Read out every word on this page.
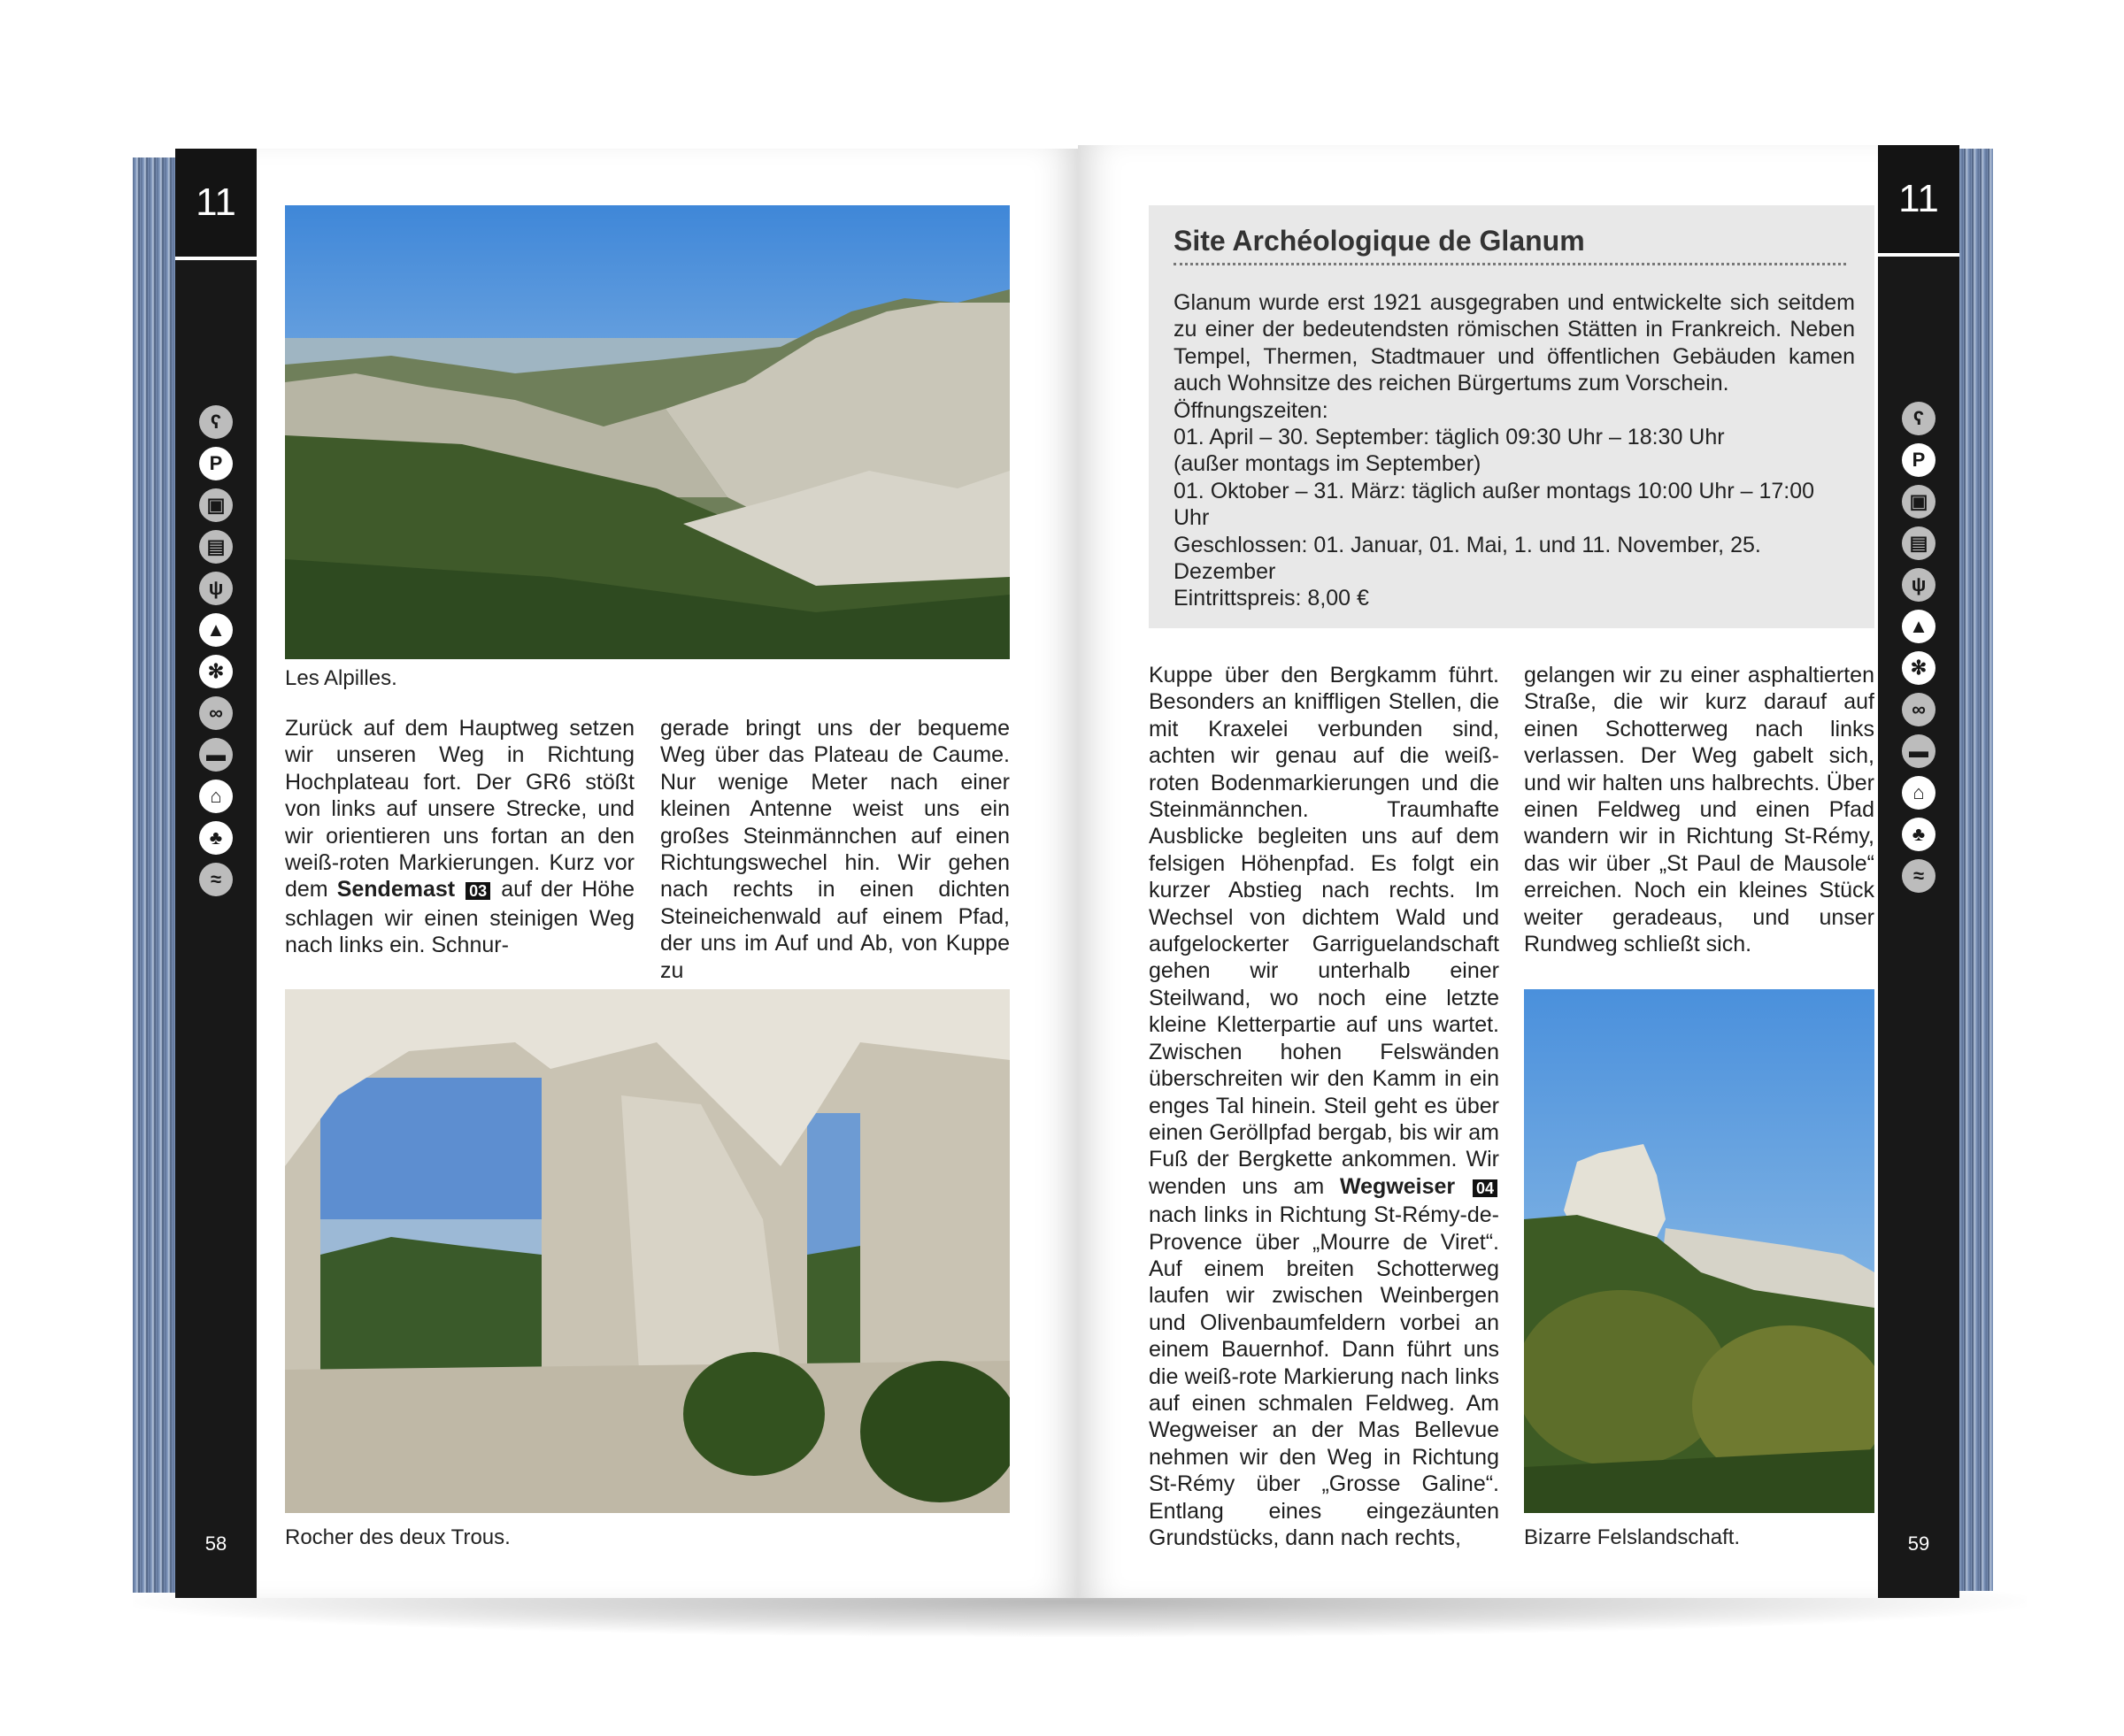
11
ʕ
P
▣
▤
ψ
▲
✻
∞
▬
⌂
♣
≈
58
Les Alpilles.

Zurück auf dem Hauptweg setzen wir unseren Weg in Richtung Hochplateau fort. Der GR6 stößt von links auf unsere Strecke, und wir orientieren uns fortan an den weiß-roten Markierungen. Kurz vor dem Sendemast 03 auf der Höhe schlagen wir einen steinigen Weg nach links ein. Schnur-

gerade bringt uns der bequeme Weg über das Plateau de Caume. Nur wenige Meter nach einer kleinen Antenne weist uns ein großes Steinmännchen auf einen Richtungswechel hin. Wir gehen nach rechts in einen dichten Steineichenwald auf einem Pfad, der uns im Auf und Ab, von Kuppe zu

Rocher des deux Trous.
11
ʕ
P
▣
▤
ψ
▲
✻
∞
▬
⌂
♣
≈
59
Site Archéologique de Glanum

Glanum wurde erst 1921 ausgegraben und entwickelte sich seitdem zu einer der bedeutendsten römischen Stätten in Frankreich. Neben Tempel, Thermen, Stadtmauer und öffentlichen Gebäuden kamen auch Wohnsitze des reichen Bürgertums zum Vorschein.

Öffnungszeiten:

01. April – 30. September: täglich 09:30 Uhr – 18:30 Uhr

(außer montags im September)

01. Oktober – 31. März: täglich außer montags 10:00 Uhr – 17:00 Uhr

Geschlossen: 01. Januar, 01. Mai, 1. und 11. November, 25. Dezember

Eintrittspreis: 8,00 €

Kuppe über den Bergkamm führt. Besonders an kniffligen Stellen, die mit Kraxelei verbunden sind, achten wir genau auf die weiß-roten Bodenmarkierungen und die Steinmännchen. Traumhafte Ausblicke begleiten uns auf dem felsigen Höhenpfad. Es folgt ein kurzer Abstieg nach rechts. Im Wechsel von dichtem Wald und aufgelockerter Garriguelandschaft gehen wir unterhalb einer Steilwand, wo noch eine letzte kleine Kletterpartie auf uns wartet. Zwischen hohen Felswänden überschreiten wir den Kamm in ein enges Tal hinein. Steil geht es über einen Geröllpfad bergab, bis wir am Fuß der Bergkette ankommen. Wir wenden uns am Wegweiser 04 nach links in Richtung St-Rémy-de-Provence über „Mourre de Viret“. Auf einem breiten Schotterweg laufen wir zwischen Weinbergen und Olivenbaumfeldern vorbei an einem Bauernhof. Dann führt uns die weiß-rote Markierung nach links auf einen schmalen Feldweg. Am Wegweiser an der Mas Bellevue nehmen wir den Weg in Richtung St-Rémy über „Grosse Galine“. Entlang eines eingezäunten Grundstücks, dann nach rechts,

gelangen wir zu einer asphaltierten Straße, die wir kurz darauf auf einen Schotterweg nach links verlassen. Der Weg gabelt sich, und wir halten uns halbrechts. Über einen Feldweg und einen Pfad wandern wir in Richtung St-Rémy, das wir über „St Paul de Mausole“ erreichen. Noch ein kleines Stück weiter geradeaus, und unser Rundweg schließt sich.

Bizarre Felslandschaft.
